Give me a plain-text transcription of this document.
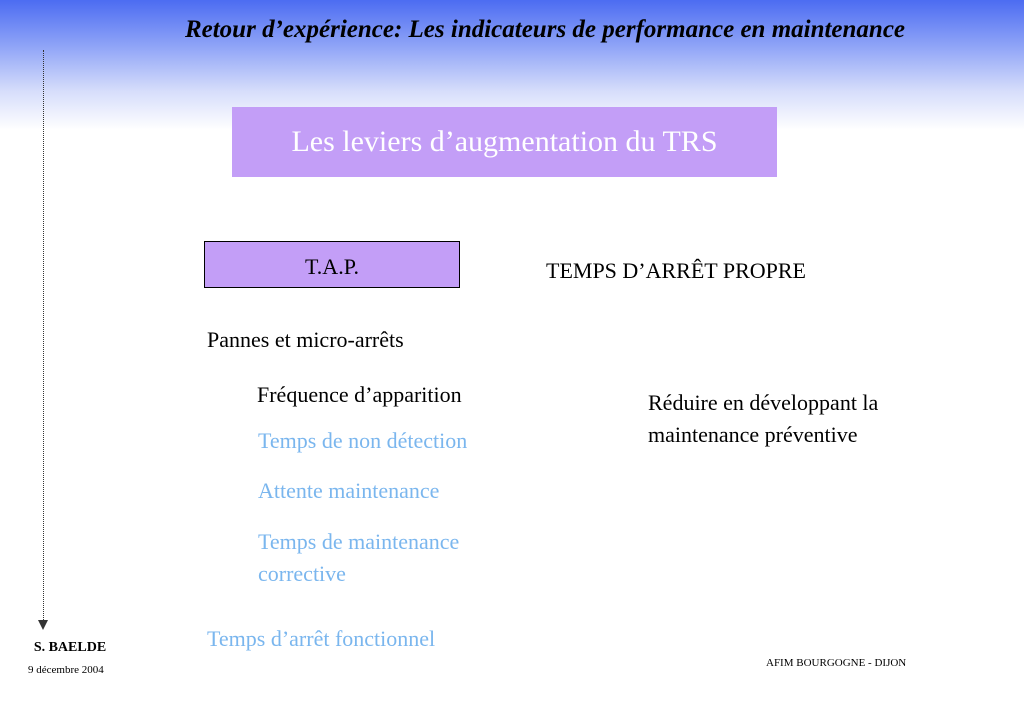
Retour d’expérience: Les indicateurs de performance en maintenance
Les leviers d’augmentation du TRS
T.A.P.	TEMPS D’ARRÊT PROPRE
Pannes et micro-arrêts
Fréquence d’apparition
Temps de non détection
Attente maintenance
Temps de maintenance
corrective
Temps d’arrêt fonctionnel
Réduire en développant la
maintenance préventive
S. BAELDE
9 décembre 2004
AFIM BOURGOGNE - DIJON
